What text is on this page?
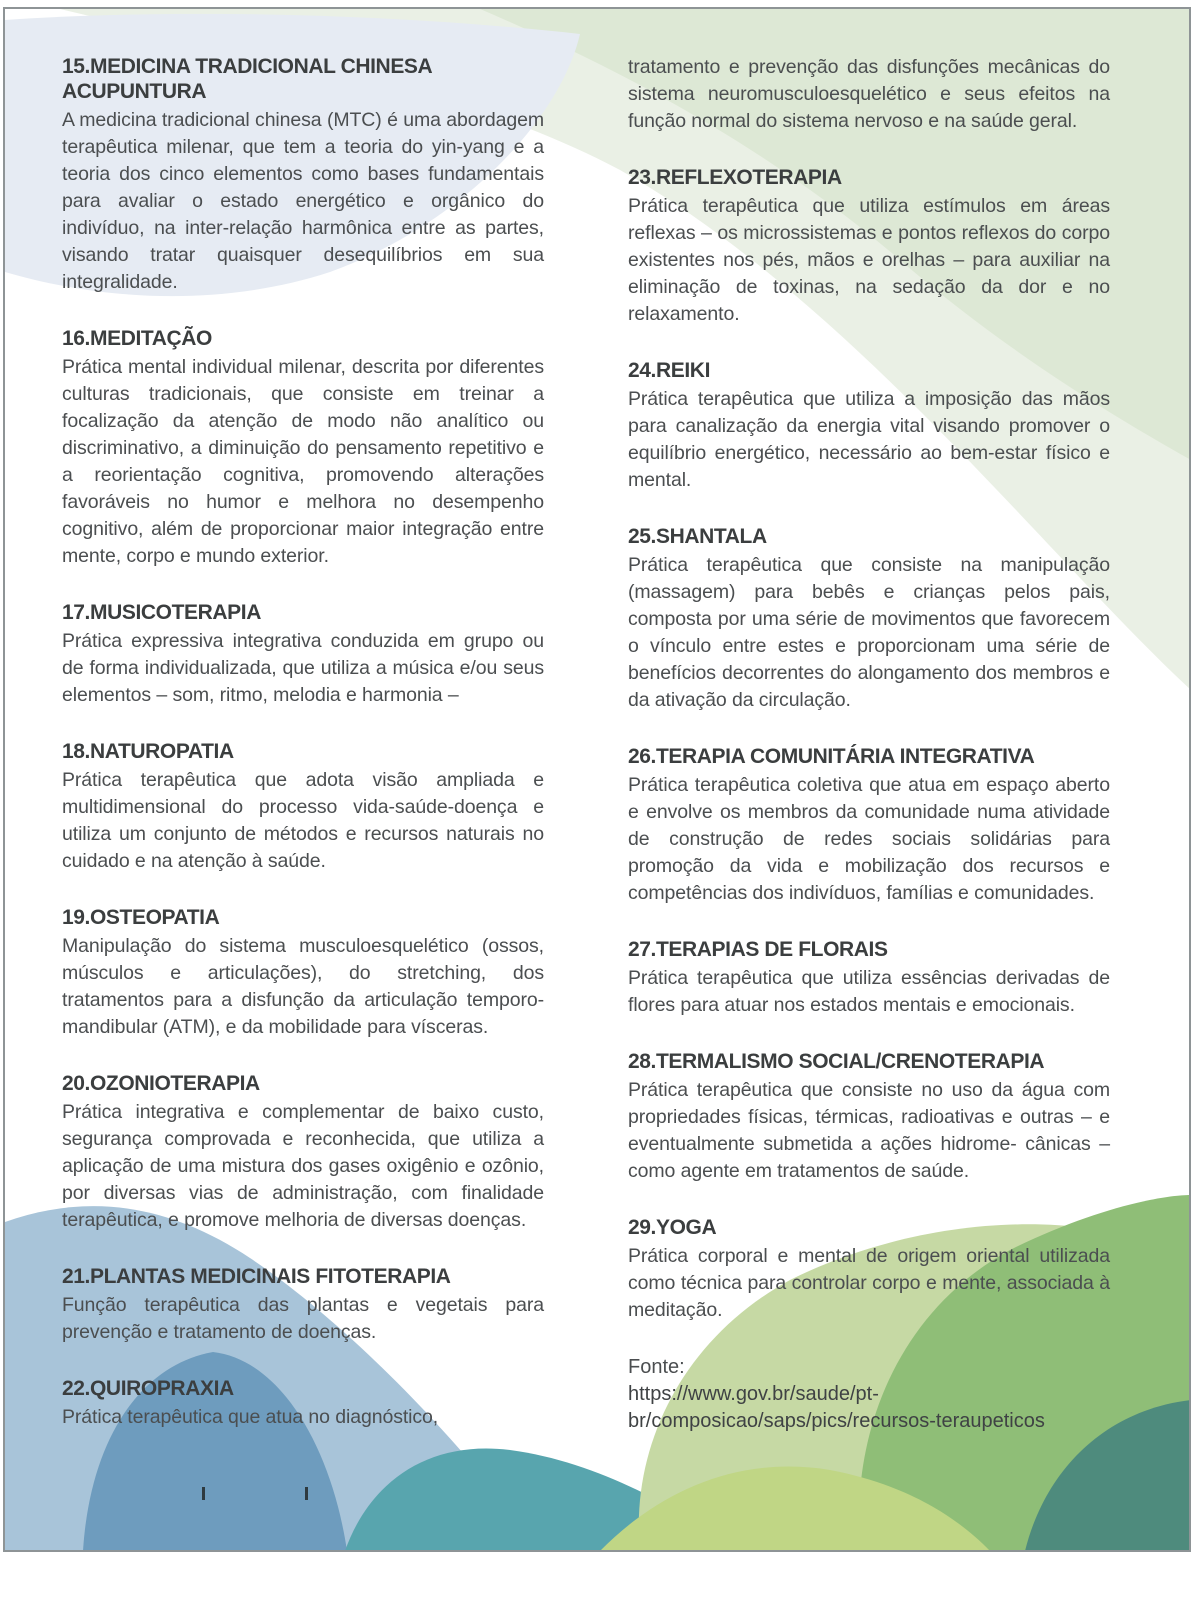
15.MEDICINA TRADICIONAL CHINESA ACUPUNTURA

A medicina tradicional chinesa (MTC) é uma abordagem terapêutica milenar, que tem a teoria do yin-yang e a teoria dos cinco elementos como bases fundamentais para avaliar o estado energético e orgânico do indivíduo, na inter-relação harmônica entre as partes, visando tratar quaisquer desequilíbrios em sua integralidade.

16.MEDITAÇÃO

Prática mental individual milenar, descrita por diferentes culturas tradicionais, que consiste em treinar a focalização da atenção de modo não analítico ou discriminativo, a diminuição do pensamento repetitivo e a reorientação cognitiva, promovendo alterações favoráveis no humor e melhora no desempenho cognitivo, além de proporcionar maior integração entre mente, corpo e mundo exterior.

17.MUSICOTERAPIA

Prática expressiva integrativa conduzida em grupo ou de forma individualizada, que utiliza a música e/ou seus elementos – som, ritmo, melodia e harmonia –

18.NATUROPATIA

Prática terapêutica que adota visão ampliada e multidimensional do processo vida-saúde-doença e utiliza um conjunto de métodos e recursos naturais no cuidado e na atenção à saúde.

19.OSTEOPATIA

Manipulação do sistema musculoesquelético (ossos, músculos e articulações), do stretching, dos tratamentos para a disfunção da articulação temporo-mandibular (ATM), e da mobilidade para vísceras.

20.OZONIOTERAPIA

Prática integrativa e complementar de baixo custo, segurança comprovada e reconhecida, que utiliza a aplicação de uma mistura dos gases oxigênio e ozônio, por diversas vias de administração, com finalidade terapêutica, e promove melhoria de diversas doenças.

21.PLANTAS MEDICINAIS FITOTERAPIA

Função terapêutica das plantas e vegetais para prevenção e tratamento de doenças.

22.QUIROPRAXIA

Prática terapêutica que atua no diagnóstico,

tratamento e prevenção das disfunções mecânicas do sistema neuromusculoesquelético e seus efeitos na função normal do sistema nervoso e na saúde geral.

23.REFLEXOTERAPIA

Prática terapêutica que utiliza estímulos em áreas reflexas – os microssistemas e pontos reflexos do corpo existentes nos pés, mãos e orelhas – para auxiliar na eliminação de toxinas, na sedação da dor e no relaxamento.

24.REIKI

Prática terapêutica que utiliza a imposição das mãos para canalização da energia vital visando promover o equilíbrio energético, necessário ao bem-estar físico e mental.

25.SHANTALA

Prática terapêutica que consiste na manipulação (massagem) para bebês e crianças pelos pais, composta por uma série de movimentos que favorecem o vínculo entre estes e proporcionam uma série de benefícios decorrentes do alongamento dos membros e da ativação da circulação.

26.TERAPIA COMUNITÁRIA INTEGRATIVA

Prática terapêutica coletiva que atua em espaço aberto e envolve os membros da comunidade numa atividade de construção de redes sociais solidárias para promoção da vida e mobilização dos recursos e competências dos indivíduos, famílias e comunidades.

27.TERAPIAS DE FLORAIS

Prática terapêutica que utiliza essências derivadas de flores para atuar nos estados mentais e emocionais.

28.TERMALISMO SOCIAL/CRENOTERAPIA

Prática terapêutica que consiste no uso da água com propriedades físicas, térmicas, radioativas e outras – e eventualmente submetida a ações hidrome- cânicas – como agente em tratamentos de saúde.

29.YOGA

Prática corporal e mental de origem oriental utilizada como técnica para controlar corpo e mente, associada à meditação.

Fonte:

https://www.gov.br/saude/pt-

br/composicao/saps/pics/recursos-teraupeticos
